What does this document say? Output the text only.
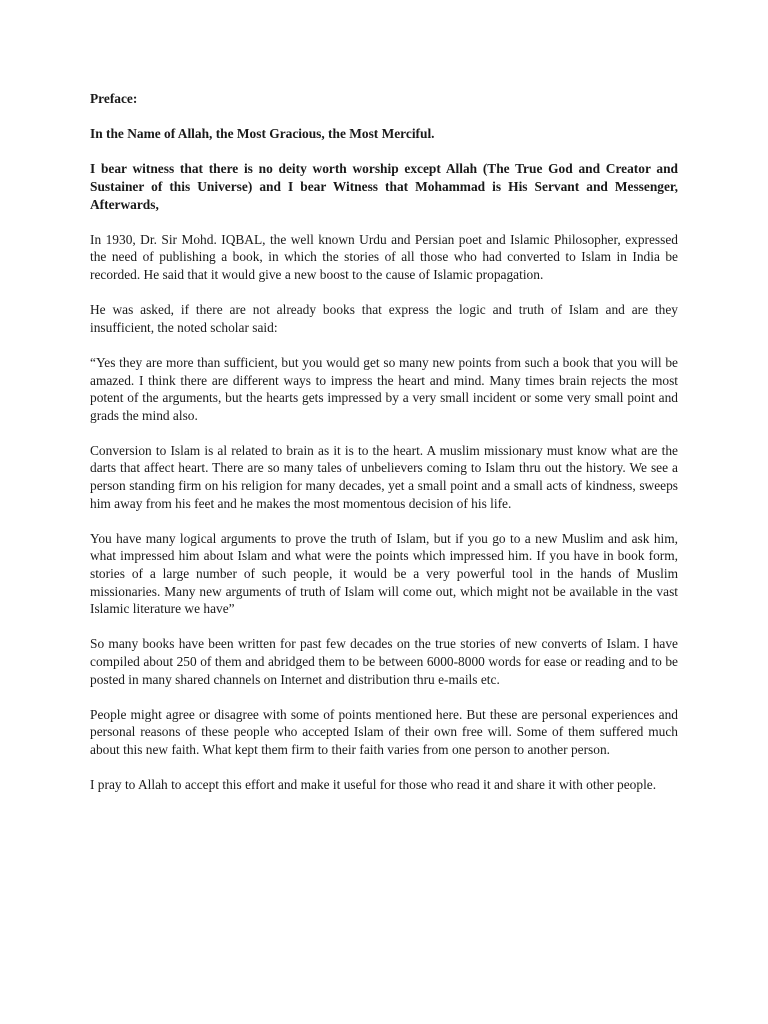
Preface:

In the Name of Allah, the Most Gracious, the Most Merciful.

I bear witness that there is no deity worth worship except Allah (The True God and Creator and Sustainer of this Universe) and I bear Witness that Mohammad is His Servant and Messenger, Afterwards,

In 1930, Dr. Sir Mohd. IQBAL, the well known Urdu and Persian poet and Islamic Philosopher, expressed the need of publishing a book, in which the stories of all those who had converted to Islam in India be recorded. He said that it would give a new boost to the cause of Islamic propagation.

He was asked, if there are not already books that express the logic and truth of Islam and are they insufficient, the noted scholar said:

“Yes they are more than sufficient, but you would get so many new points from such a book that you will be amazed. I think there are different ways to impress the heart and mind. Many times brain rejects the most potent of the arguments, but the hearts gets impressed by a very small incident or some very small point and grads the mind also.

Conversion to Islam is al related to brain as it is to the heart. A muslim missionary must know what are the darts that affect heart. There are so many tales of unbelievers coming to Islam thru out the history. We see a person standing firm on his religion for many decades, yet a small point and a small acts of kindness, sweeps him away from his feet and he makes the most momentous decision of his life.

You have many logical arguments to prove the truth of Islam, but if you go to a new Muslim and ask him, what impressed him about Islam and what were the points which impressed him. If you have in book form, stories of a large number of such people, it would be a very powerful tool in the hands of Muslim missionaries. Many new arguments of truth of Islam will come out, which might not be available in the vast Islamic literature we have”

So many books have been written for past few decades on the true stories of new converts of Islam. I have compiled about 250 of them and abridged them to be between 6000-8000 words for ease or reading and to be posted in many shared channels on Internet and distribution thru e-mails etc.

People might agree or disagree with some of points mentioned here. But these are personal experiences and personal reasons of these people who accepted Islam of their own free will. Some of them suffered much about this new faith. What kept them firm to their faith varies from one person to another person.

I pray to Allah to accept this effort and make it useful for those who read it and share it with other people.
